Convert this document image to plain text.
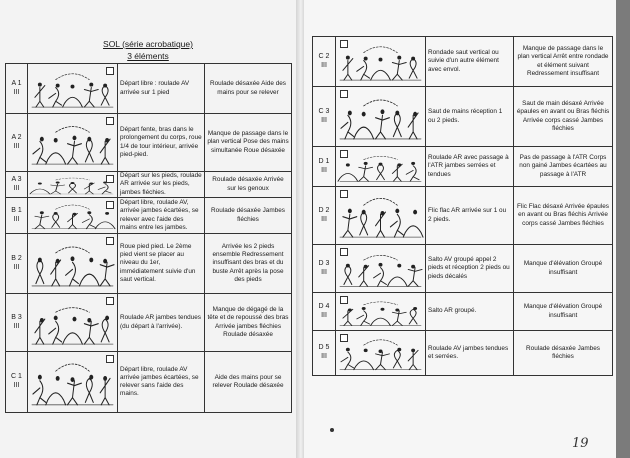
SOL (série acrobatique)
3 éléments
A 1
III		Départ libre : roulade AV arrivée sur 1 pied	Roulade désaxée Aide des mains pour se relever

A 2
III		Départ fente, bras dans le prolongement du corps, roue 1/4 de tour intérieur, arrivée pied-pied.	Manque de passage dans le plan vertical Pose des mains simultanée Roue désaxée

A 3
III		Départ sur les pieds, roulade AR arrivée sur les pieds, jambes fléchies.	Roulade désaxée Arrivée sur les genoux

B 1
III		Départ libre, roulade AV, arrivée jambes écartées, se relever avec l'aide des mains entre les jambes.	Roulade désaxée Jambes fléchies

B 2
III		Roue pied pied. Le 2ème pied vient se placer au niveau du 1er, immédiatement suivie d'un saut vertical.	Arrivée les 2 pieds ensemble Redressement insuffisant des bras et du buste Arrêt après la pose des pieds

B 3
III		Roulade AR jambes tendues (du départ à l'arrivée).	Manque de dégagé de la tête et de repoussé des bras Arrivée jambes fléchies Roulade désaxée

C 1
III		Départ libre, roulade AV arrivée jambes écartées, se relever sans l'aide des mains.	Aide des mains pour se relever Roulade désaxée
C 2
III		Rondade saut vertical ou suivie d'un autre élément avec envol.	Manque de passage dans le plan vertical Arrêt entre rondade et élément suivant Redressement insuffisant

C 3
III		Saut de mains réception 1 ou 2 pieds.	Saut de main désaxé Arrivée épaules en avant ou Bras fléchis Arrivée corps cassé Jambes fléchies

D 1
III		Roulade AR avec passage à l'ATR jambes serrées et tendues	Pas de passage à l'ATR Corps non gainé Jambes écartées au passage à l'ATR

D 2
III		Flic flac AR arrivée sur 1 ou 2 pieds.	Flic Flac désaxé Arrivée épaules en avant ou Bras fléchis Arrivée corps cassé Jambes fléchies

D 3
III		Salto AV groupé appel 2 pieds et réception 2 pieds ou pieds décalés	Manque d'élévation Groupé insuffisant

D 4
III		Salto AR groupé.	Manque d'élévation Groupé insuffisant

D 5
III		Roulade AV jambes tendues et serrées.	Roulade désaxée Jambes fléchies
19
